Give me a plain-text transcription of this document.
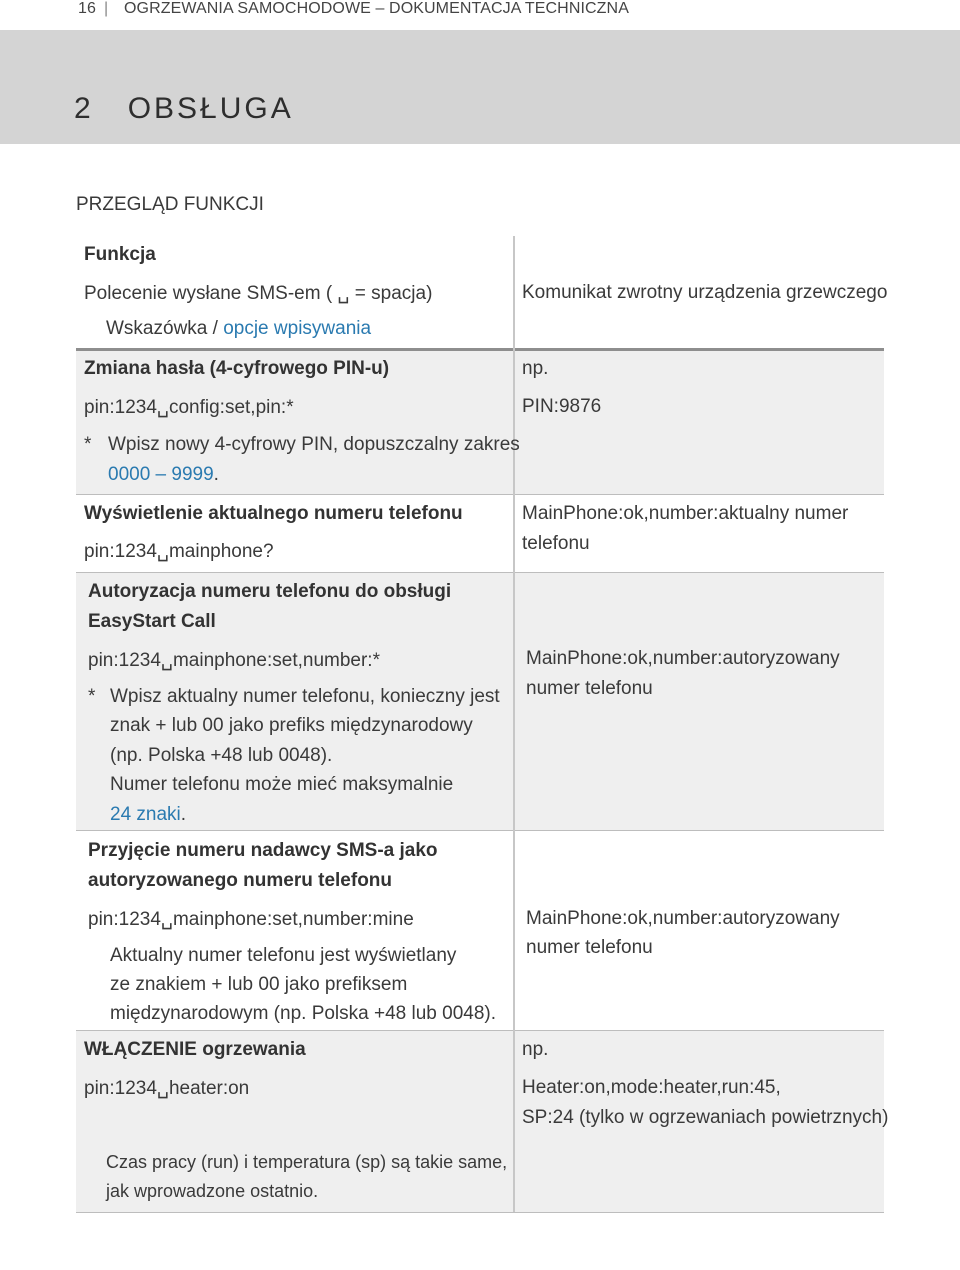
16 | OGRZEWANIA SAMOCHODOWE – DOKUMENTACJA TECHNICZNA
2 OBSŁUGA
PRZEGLĄD FUNKCJI
Funkcja
Polecenie wysłane SMS-em ( ␣ = spacja)
Wskazówka / opcje wpisywania
Komunikat zwrotny urządzenia grzewczego
Zmiana hasła (4-cyfrowego PIN-u)
pin:1234␣config:set,pin:*
* Wpisz nowy 4-cyfrowy PIN, dopuszczalny zakres
0000 – 9999.
np.
PIN:9876
Wyświetlenie aktualnego numeru telefonu
pin:1234␣mainphone?
MainPhone:ok,number:aktualny numer
telefonu
Autoryzacja numeru telefonu do obsługi
EasyStart Call
pin:1234␣mainphone:set,number:*
* Wpisz aktualny numer telefonu, konieczny jest
znak + lub 00 jako prefiks międzynarodowy
(np. Polska +48 lub 0048).
Numer telefonu może mieć maksymalnie
24 znaki.
MainPhone:ok,number:autoryzowany
numer telefonu
Przyjęcie numeru nadawcy SMS-a jako
autoryzowanego numeru telefonu
pin:1234␣mainphone:set,number:mine
Aktualny numer telefonu jest wyświetlany
ze znakiem + lub 00 jako prefiksem
międzynarodowym (np. Polska +48 lub 0048).
MainPhone:ok,number:autoryzowany
numer telefonu
WŁĄCZENIE ogrzewania
pin:1234␣heater:on
Czas pracy (run) i temperatura (sp) są takie same,
jak wprowadzone ostatnio.
np.
Heater:on,mode:heater,run:45,
SP:24 (tylko w ogrzewaniach powietrznych)
